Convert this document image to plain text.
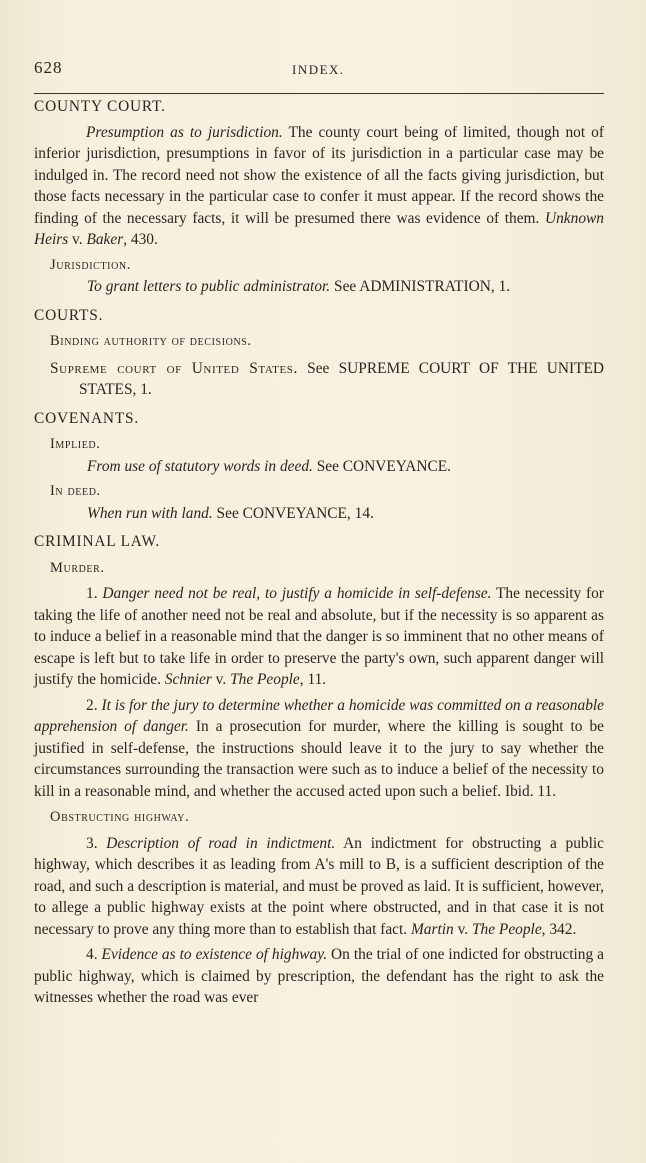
628	INDEX.

COUNTY COURT.

Presumption as to jurisdiction. The county court being of limited, though not of inferior jurisdiction, presumptions in favor of its jurisdiction in a particular case may be indulged in. The record need not show the existence of all the facts giving jurisdiction, but those facts necessary in the particular case to confer it must appear. If the record shows the finding of the necessary facts, it will be presumed there was evidence of them. Unknown Heirs v. Baker, 430.

Jurisdiction.

To grant letters to public administrator. See ADMINISTRATION, 1.

COURTS.

Binding authority of decisions.

Supreme court of United States. See SUPREME COURT OF THE UNITED STATES, 1.

COVENANTS.

Implied.

From use of statutory words in deed. See CONVEYANCE.

In deed.

When run with land. See CONVEYANCE, 14.

CRIMINAL LAW.

Murder.

1. Danger need not be real, to justify a homicide in self-defense. The necessity for taking the life of another need not be real and absolute, but if the necessity is so apparent as to induce a belief in a reasonable mind that the danger is so imminent that no other means of escape is left but to take life in order to preserve the party's own, such apparent danger will justify the homicide. Schnier v. The People, 11.

2. It is for the jury to determine whether a homicide was committed on a reasonable apprehension of danger. In a prosecution for murder, where the killing is sought to be justified in self-defense, the instructions should leave it to the jury to say whether the circumstances surrounding the transaction were such as to induce a belief of the necessity to kill in a reasonable mind, and whether the accused acted upon such a belief. Ibid. 11.

Obstructing highway.

3. Description of road in indictment. An indictment for obstructing a public highway, which describes it as leading from A's mill to B, is a sufficient description of the road, and such a description is material, and must be proved as laid. It is sufficient, however, to allege a public highway exists at the point where obstructed, and in that case it is not necessary to prove any thing more than to establish that fact. Martin v. The People, 342.

4. Evidence as to existence of highway. On the trial of one indicted for obstructing a public highway, which is claimed by prescription, the defendant has the right to ask the witnesses whether the road was ever
